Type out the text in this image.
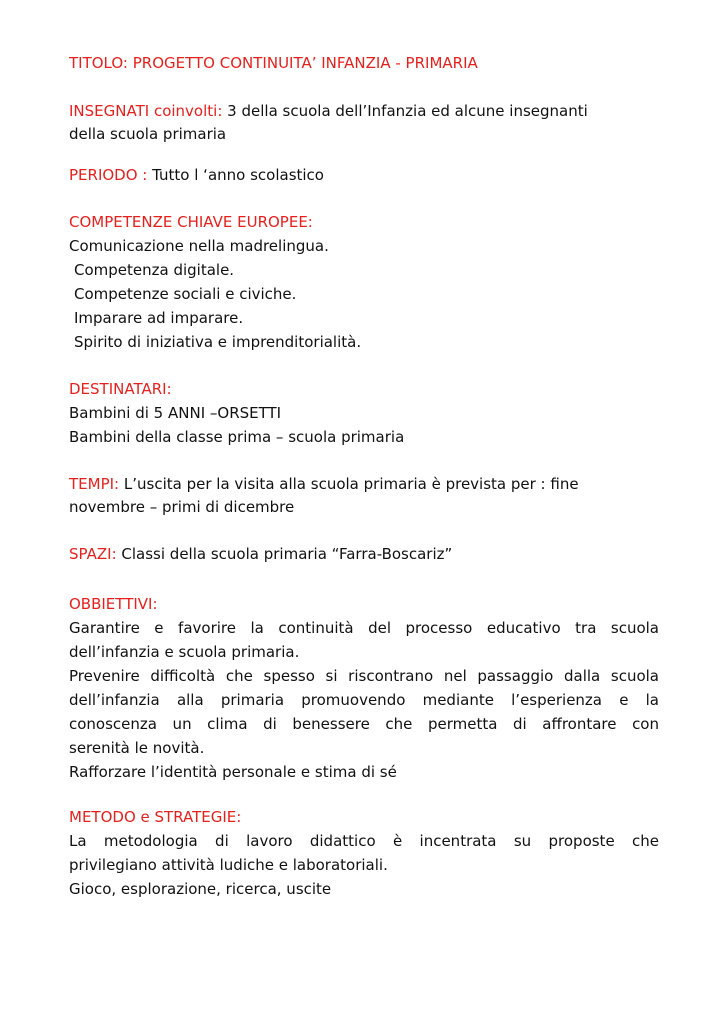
TITOLO: PROGETTO CONTINUITA’ INFANZIA - PRIMARIA
INSEGNATI coinvolti: 3 della scuola dell’Infanzia ed alcune insegnanti
della scuola primaria
PERIODO : Tutto l ‘anno scolastico
COMPETENZE CHIAVE EUROPEE:
Comunicazione nella madrelingua.
Competenza digitale.
Competenze sociali e civiche.
Imparare ad imparare.
Spirito di iniziativa e imprenditorialità.
DESTINATARI:
Bambini di 5 ANNI –ORSETTI
Bambini della classe prima – scuola primaria
TEMPI: L’uscita per la visita alla scuola primaria è prevista per : fine
novembre – primi di dicembre
SPAZI: Classi della scuola primaria “Farra-Boscariz”
OBBIETTIVI:
Garantire e favorire la continuità del processo educativo tra scuola
dell’infanzia e scuola primaria.
Prevenire difficoltà che spesso si riscontrano nel passaggio dalla scuola
dell’infanzia alla primaria promuovendo mediante l’esperienza e la
conoscenza un clima di benessere che permetta di affrontare con
serenità le novità.
Rafforzare l’identità personale e stima di sé
METODO e STRATEGIE:
La metodologia di lavoro didattico è incentrata su proposte che
privilegiano attività ludiche e laboratoriali.
Gioco, esplorazione, ricerca, uscite
